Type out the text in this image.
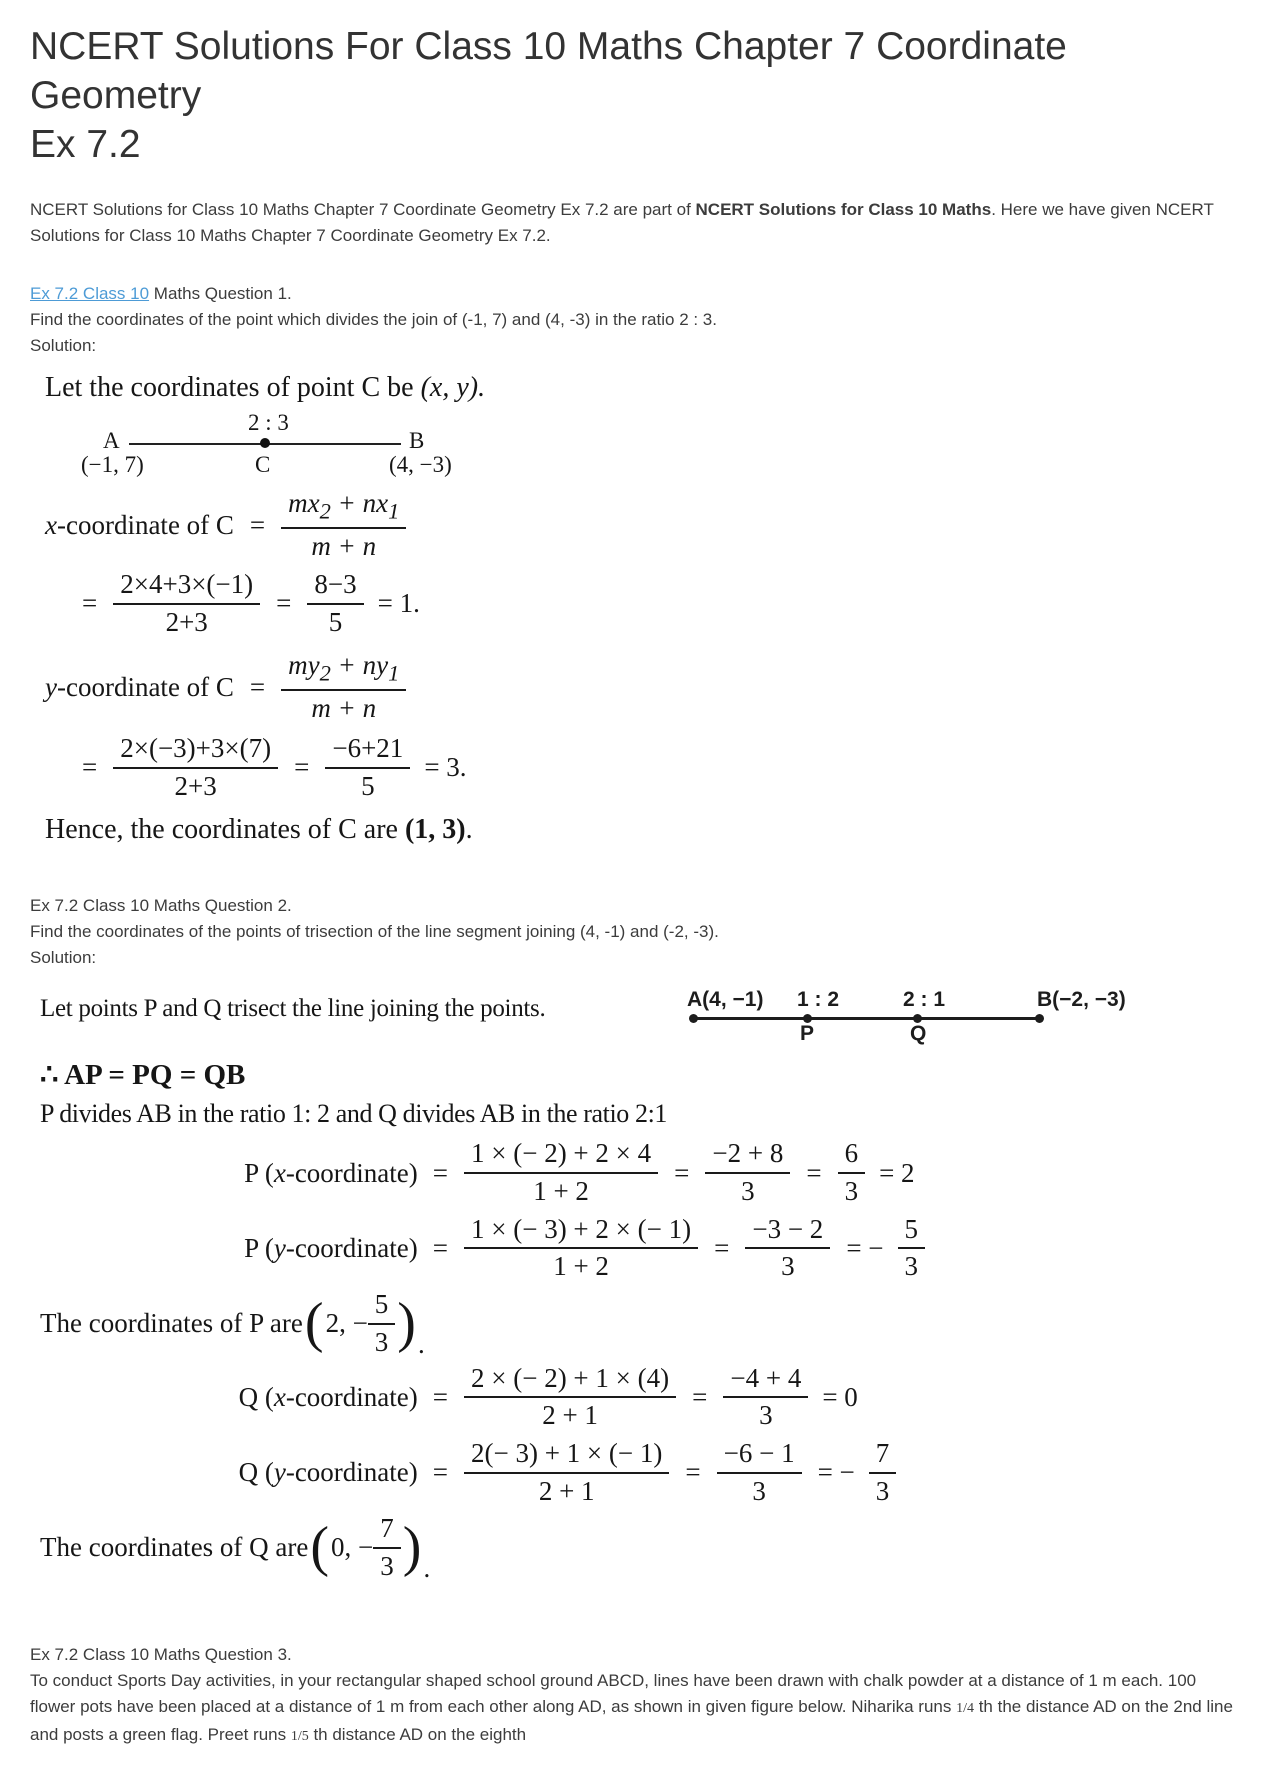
NCERT Solutions For Class 10 Maths Chapter 7 Coordinate Geometry
Ex 7.2

NCERT Solutions for Class 10 Maths Chapter 7 Coordinate Geometry Ex 7.2 are part of NCERT Solutions for Class 10 Maths. Here we have given NCERT Solutions for Class 10 Maths Chapter 7 Coordinate Geometry Ex 7.2.

Ex 7.2 Class 10 Maths Question 1.
Find the coordinates of the point which divides the join of (-1, 7) and (4, -3) in the ratio 2 : 3.
Solution:
Let the coordinates of point C be (x, y).
2 : 3
A	B
(−1, 7)	C	(4, −3)
x-coordinate of $C = \frac{mx_2 + nx_1}{m + n}$
= $\frac{2\times 4+3\times(-1)}{2+3} = \frac{8-3}{5} = 1$.
y-coordinate of $C = \frac{my_2 + ny_1}{m + n}$
= $\frac{2\times(-3)+3\times(7)}{2+3} = \frac{-6+21}{5} = 3$.
Hence, the coordinates of C are (1, 3).
Ex 7.2 Class 10 Maths Question 2.
Find the coordinates of the points of trisection of the line segment joining (4, -1) and (-2, -3).
Solution:
Let points P and Q trisect the line joining the points.	A(4, −1) 1 : 2	2 : 1	B(−2, −3)
P	Q
∴ AP = PQ = QB
P divides AB in the ratio 1: 2 and Q divides AB in the ratio 2:1
P (x-coordinate) = $\frac{1 \times (- 2) + 2 \times 4}{1 + 2} = \frac{-2 + 8}{3} = \frac{6}{3} = 2$
P (y-coordinate) = $\frac{1 \times (- 3) + 2 \times (- 1)}{1 + 2} = \frac{-3 - 2}{3}$ = − $\frac{5}{3}$
The coordinates of P are ( 2, − $\frac{5}{3}$ ) .
Q (x-coordinate) = $\frac{2 \times (- 2) + 1 \times (4)}{2 + 1} = \frac{-4 + 4}{3} = 0$
Q (y-coordinate) = $\frac{2(- 3) + 1 \times (- 1)}{2 + 1} = \frac{-6 - 1}{3}$ = − $\frac{7}{3}$
The coordinates of Q are ( 0, − $\frac{7}{3}$ ) .
Ex 7.2 Class 10 Maths Question 3.
To conduct Sports Day activities, in your rectangular shaped school ground ABCD, lines have been drawn with chalk powder at a distance of 1 m each. 100 flower pots have been placed at a distance of 1 m from each other along AD, as shown in given figure below. Niharika runs 1/4 th the distance AD on the 2nd line and posts a green flag. Preet runs 1/5 th distance AD on the eighth
